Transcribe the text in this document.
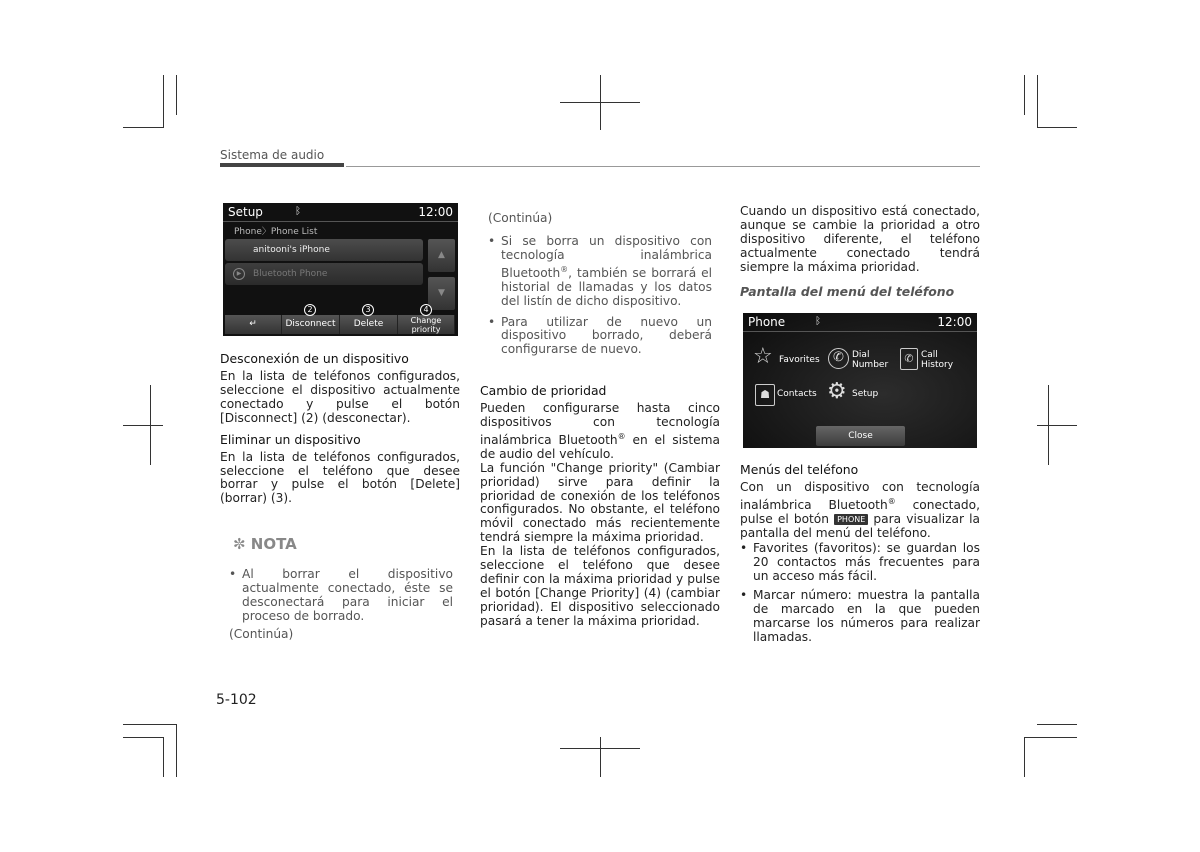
Sistema de audio
Setup	ᛒ	12:00
Phone〉Phone List
anitooni's iPhone
▶	Bluetooth Phone
▲
▼
↵	Disconnect	Delete	Change priority
2	3	4
Desconexión de un dispositivo
En la lista de teléfonos configurados, seleccione el dispositivo actualmente conectado y pulse el botón [Disconnect] (2) (desconectar).
Eliminar un dispositivo
En la lista de teléfonos configurados, seleccione el teléfono que desee borrar y pulse el botón [Delete] (borrar) (3).
✼ NOTA
• Al borrar el dispositivo actualmente conectado, éste se desconectará para iniciar el proceso de borrado.
(Continúa)
(Continúa)
• Si se borra un dispositivo con tecnología inalámbrica Bluetooth®, también se borrará el historial de llamadas y los datos del listín de dicho dispositivo.
• Para utilizar de nuevo un dispositivo borrado, deberá configurarse de nuevo.
Cambio de prioridad
Pueden configurarse hasta cinco dispositivos con tecnología inalámbrica Bluetooth® en el sistema de audio del vehículo.
La función "Change priority" (Cambiar prioridad) sirve para definir la prioridad de conexión de los teléfonos configurados. No obstante, el teléfono móvil conectado más recientemente tendrá siempre la máxima prioridad.
En la lista de teléfonos configurados, seleccione el teléfono que desee definir con la máxima prioridad y pulse el botón [Change Priority] (4) (cambiar prioridad). El dispositivo seleccionado pasará a tener la máxima prioridad.
Cuando un dispositivo está conectado, aunque se cambie la prioridad a otro dispositivo diferente, el teléfono actualmente conectado tendrá siempre la máxima prioridad.
Pantalla del menú del teléfono
Phone	ᛒ	12:00
☆ Favorites	✆ Dial Number	✆ Call History
☗ Contacts ⚙ Setup
Close
Menús del teléfono
Con un dispositivo con tecnología inalámbrica Bluetooth® conectado, pulse el botón PHONE para visualizar la pantalla del menú del teléfono.
• Favorites (favoritos): se guardan los 20 contactos más frecuentes para un acceso más fácil.
• Marcar número: muestra la pantalla de marcado en la que pueden marcarse los números para realizar llamadas.
5-102
